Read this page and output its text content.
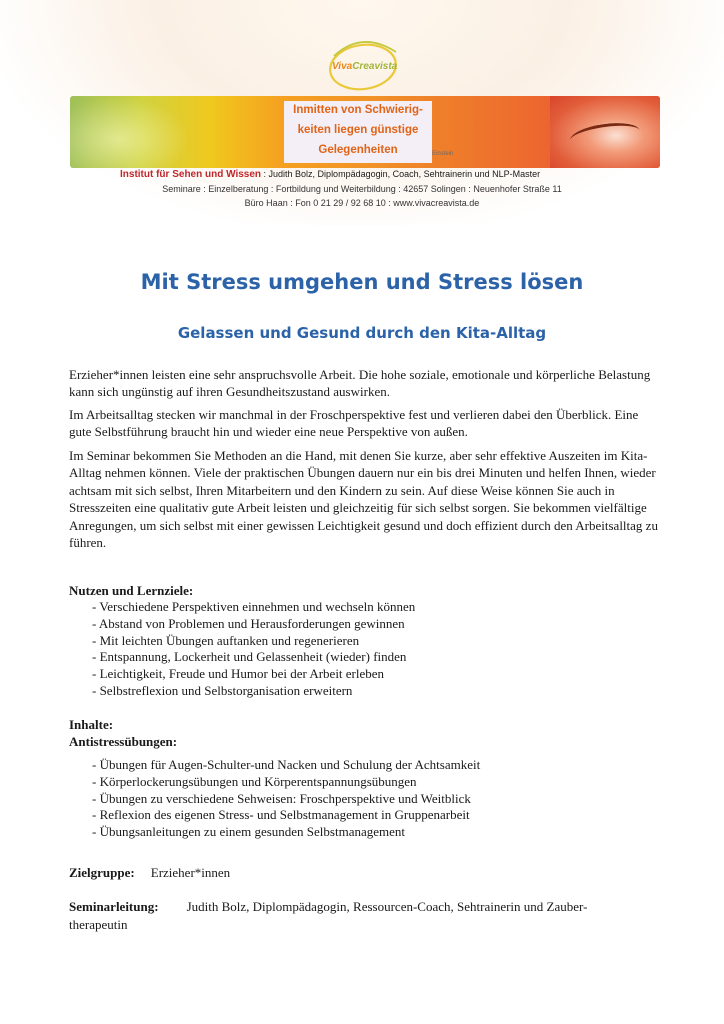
VivaCreavista
Inmitten von Schwierig-
keiten liegen günstige
Gelegenheiten	Einstein
Institut für Sehen und Wissen : Judith Bolz, Diplompädagogin, Coach, Sehtrainerin und NLP-Master
Seminare : Einzelberatung : Fortbildung und Weiterbildung : 42657 Solingen : Neuenhofer Straße 11
Büro Haan : Fon 0 21 29 / 92 68 10 : www.vivacreavista.de
Mit Stress umgehen und Stress lösen
Gelassen und Gesund durch den Kita-Alltag

Erzieher*innen leisten eine sehr anspruchsvolle Arbeit. Die hohe soziale, emotionale und körperliche Belastung kann sich ungünstig auf ihren Gesundheitszustand auswirken.

Im Arbeitsalltag stecken wir manchmal in der Froschperspektive fest und verlieren dabei den Überblick. Eine gute Selbstführung braucht hin und wieder eine neue Perspektive von außen.

Im Seminar bekommen Sie Methoden an die Hand, mit denen Sie kurze, aber sehr effektive Auszeiten im Kita-Alltag nehmen können. Viele der praktischen Übungen dauern nur ein bis drei Minuten und helfen Ihnen, wieder achtsam mit sich selbst, Ihren Mitarbeitern und den Kindern zu sein. Auf diese Weise können Sie auch in Stresszeiten eine qualitativ gute Arbeit leisten und gleichzeitig für sich selbst sorgen. Sie bekommen vielfältige Anregungen, um sich selbst mit einer gewissen Leichtigkeit gesund und doch effizient durch den Arbeitsalltag zu führen.

Nutzen und Lernziele:

- Verschiedene Perspektiven einnehmen und wechseln können
- Abstand von Problemen und Herausforderungen gewinnen
- Mit leichten Übungen auftanken und regenerieren
- Entspannung, Lockerheit und Gelassenheit (wieder) finden
- Leichtigkeit, Freude und Humor bei der Arbeit erleben
- Selbstreflexion und Selbstorganisation erweitern

Inhalte:

Antistressübungen:

- Übungen für Augen-Schulter-und Nacken und Schulung der Achtsamkeit
- Körperlockerungsübungen und Körperentspannungsübungen
- Übungen zu verschiedene Sehweisen: Froschperspektive und Weitblick
- Reflexion des eigenen Stress- und Selbstmanagement in Gruppenarbeit
- Übungsanleitungen zu einem gesunden Selbstmanagement

Zielgruppe: Erzieher*innen

Seminarleitung: Judith Bolz, Diplompädagogin, Ressourcen-Coach, Sehtrainerin und Zauber-
therapeutin
